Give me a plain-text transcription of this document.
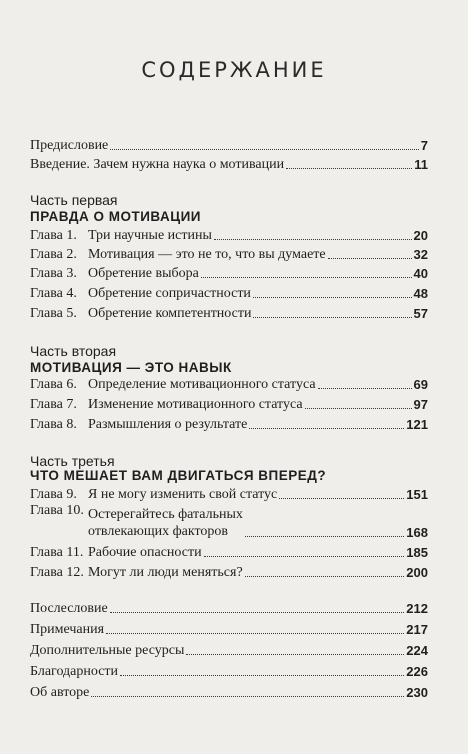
СОДЕРЖАНИЕ
Предисловие	7
Введение. Зачем нужна наука о мотивации	11
Часть первая
ПРАВДА О МОТИВАЦИИ
Глава 1. Три научные истины	20
Глава 2. Мотивация — это не то, что вы думаете	32
Глава 3. Обретение выбора	40
Глава 4. Обретение сопричастности	48
Глава 5. Обретение компетентности	57
Часть вторая
МОТИВАЦИЯ — ЭТО НАВЫК
Глава 6. Определение мотивационного статуса	69
Глава 7. Изменение мотивационного статуса	97
Глава 8. Размышления о результате	121
Часть третья
ЧТО МЕШАЕТ ВАМ ДВИГАТЬСЯ ВПЕРЕД?
Глава 9. Я не могу изменить свой статус	151
Глава 10. Остерегайтесь фатальных
отвлекающих факторов	168
Глава 11. Рабочие опасности	185
Глава 12. Могут ли люди меняться?	200
Послесловие	212
Примечания	217
Дополнительные ресурсы	224
Благодарности	226
Об авторе	230
